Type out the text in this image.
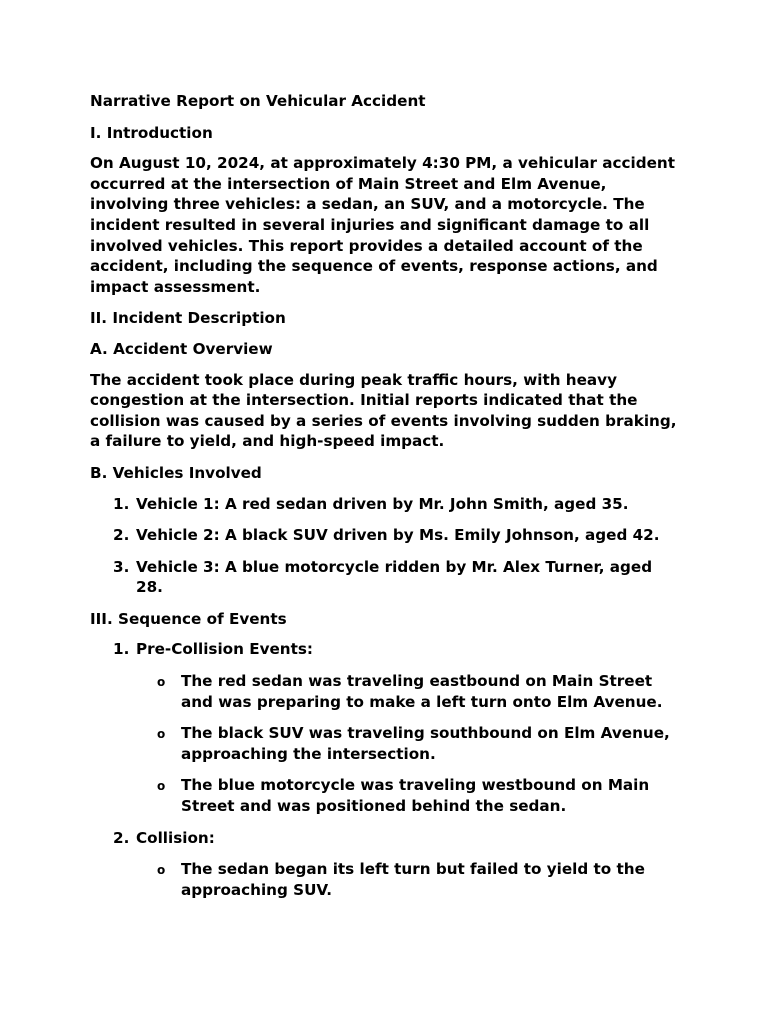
Narrative Report on Vehicular Accident

I. Introduction

On August 10, 2024, at approximately 4:30 PM, a vehicular accident occurred at the intersection of Main Street and Elm Avenue, involving three vehicles: a sedan, an SUV, and a motorcycle. The incident resulted in several injuries and significant damage to all involved vehicles. This report provides a detailed account of the accident, including the sequence of events, response actions, and impact assessment.

II. Incident Description

A. Accident Overview

The accident took place during peak traffic hours, with heavy congestion at the intersection. Initial reports indicated that the collision was caused by a series of events involving sudden braking, a failure to yield, and high-speed impact.

B. Vehicles Involved

1. Vehicle 1: A red sedan driven by Mr. John Smith, aged 35.
2. Vehicle 2: A black SUV driven by Ms. Emily Johnson, aged 42.
3. Vehicle 3: A blue motorcycle ridden by Mr. Alex Turner, aged 28.

III. Sequence of Events

1. Pre-Collision Events:
o The red sedan was traveling eastbound on Main Street and was preparing to make a left turn onto Elm Avenue.
o The black SUV was traveling southbound on Elm Avenue, approaching the intersection.
o The blue motorcycle was traveling westbound on Main Street and was positioned behind the sedan.
2. Collision:
o The sedan began its left turn but failed to yield to the approaching SUV.
